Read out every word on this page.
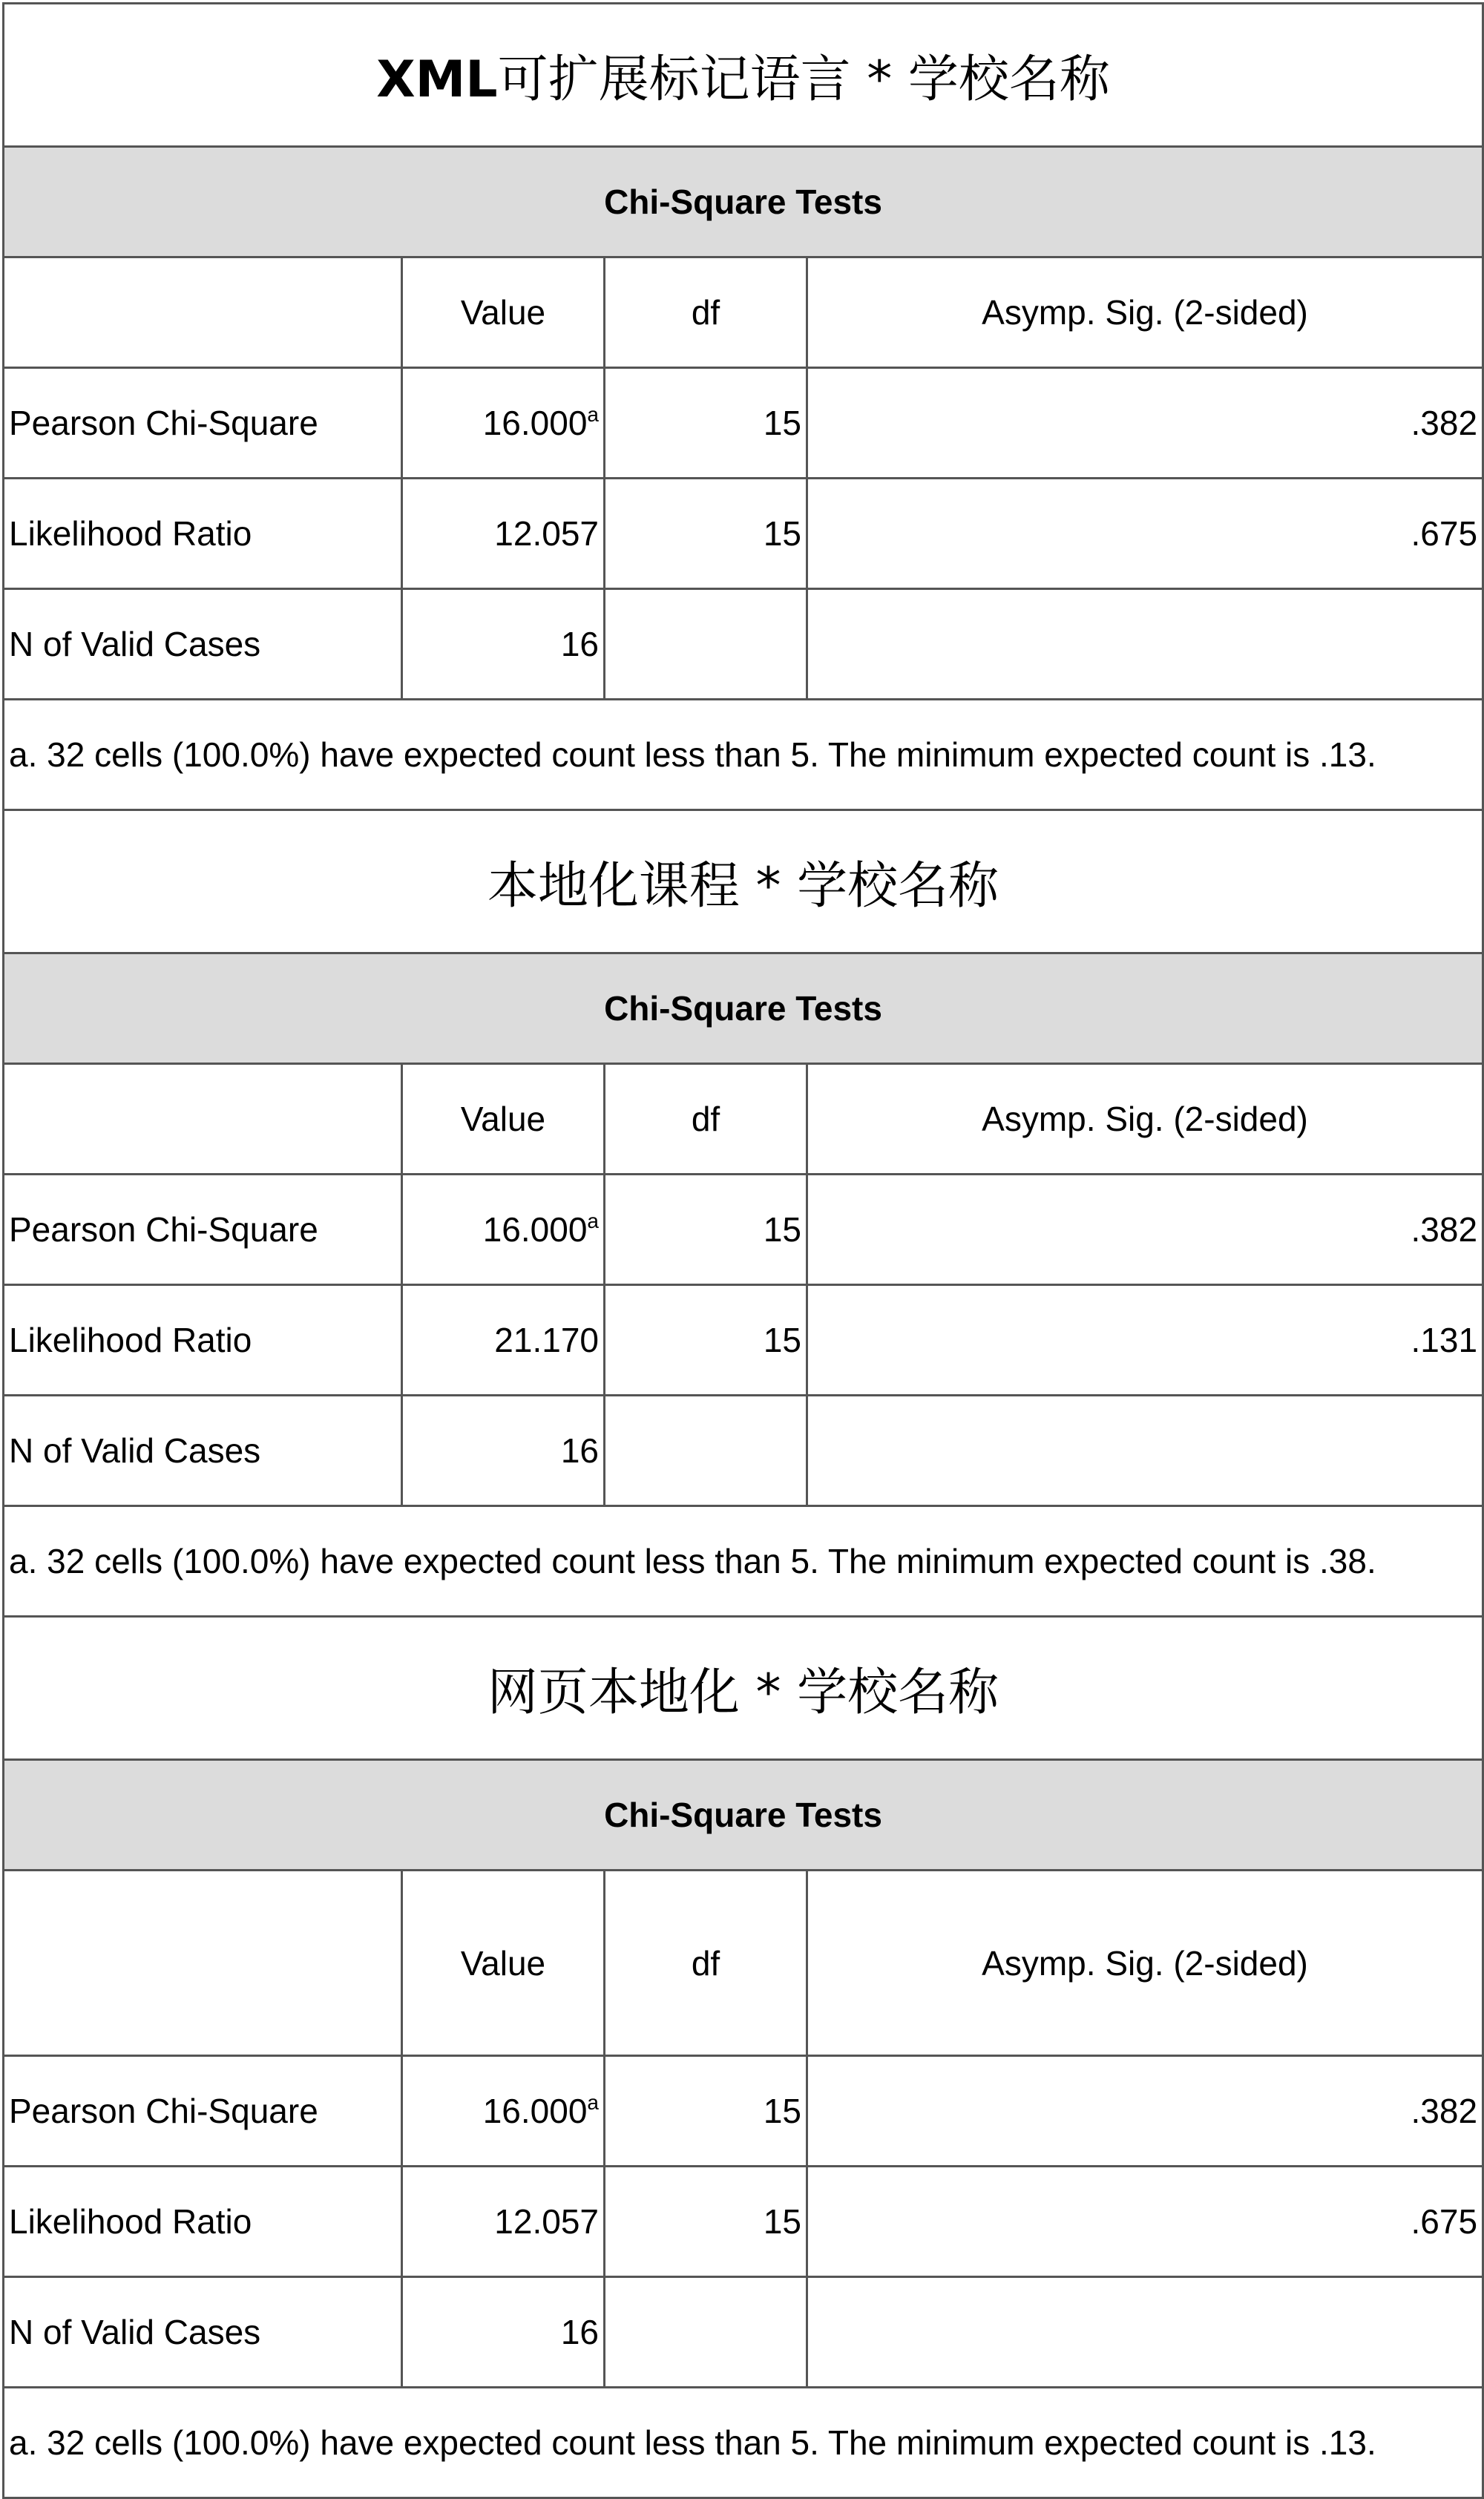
XML可扩展标记语言 * 学校名称			
Chi-Square Tests			
	Value	df	Asymp. Sig. (2-sided)
Pearson Chi-Square	16.000$^a$	15	.382
Likelihood Ratio	12.057	15	.675
N of Valid Cases	16		
a. 32 cells (100.0%) have expected count less than 5. The minimum expected count is .13.			
本地化课程 * 学校名称			
Chi-Square Tests			
	Value	df	Asymp. Sig. (2-sided)
Pearson Chi-Square	16.000$^a$	15	.382
Likelihood Ratio	21.170	15	.131
N of Valid Cases	16		
a. 32 cells (100.0%) have expected count less than 5. The minimum expected count is .38.			
网页本地化 * 学校名称			
Chi-Square Tests			
	Value	df	Asymp. Sig. (2-sided)
Pearson Chi-Square	16.000$^a$	15	.382
Likelihood Ratio	12.057	15	.675
N of Valid Cases	16		
a. 32 cells (100.0%) have expected count less than 5. The minimum expected count is .13.			
